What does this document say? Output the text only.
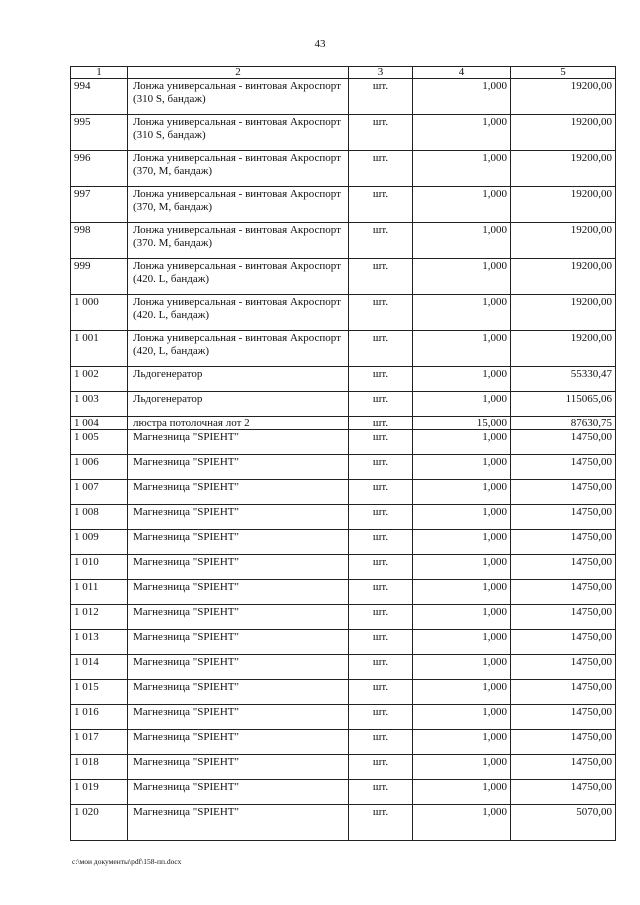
43
1	2	3	4	5
994	Лонжа универсальная - винтовая Акроспорт (310 S, бандаж)	шт.	1,000	19200,00
995	Лонжа универсальная - винтовая Акроспорт (310 S, бандаж)	шт.	1,000	19200,00
996	Лонжа универсальная - винтовая Акроспорт (370, M, бандаж)	шт.	1,000	19200,00
997	Лонжа универсальная - винтовая Акроспорт (370, M, бандаж)	шт.	1,000	19200,00
998	Лонжа универсальная - винтовая Акроспорт (370. M, бандаж)	шт.	1,000	19200,00
999	Лонжа универсальная - винтовая Акроспорт (420. L, бандаж)	шт.	1,000	19200,00
1 000	Лонжа универсальная - винтовая Акроспорт (420. L, бандаж)	шт.	1,000	19200,00
1 001	Лонжа универсальная - винтовая Акроспорт (420, L, бандаж)	шт.	1,000	19200,00
1 002	Льдогенератор	шт.	1,000	55330,47
1 003	Льдогенератор	шт.	1,000	115065,06
1 004	люстра потолочная лот 2	шт.	15,000	87630,75
1 005	Магнезница "SPIEHT"	шт.	1,000	14750,00
1 006	Магнезница "SPIEHT"	шт.	1,000	14750,00
1 007	Магнезница "SPIEHT"	шт.	1,000	14750,00
1 008	Магнезница "SPIEHT"	шт.	1,000	14750,00
1 009	Магнезница "SPIEHT"	шт.	1,000	14750,00
1 010	Магнезница "SPIEHT"	шт.	1,000	14750,00
1 011	Магнезница "SPIEHT"	шт.	1,000	14750,00
1 012	Магнезница "SPIEHT"	шт.	1,000	14750,00
1 013	Магнезница "SPIEHT"	шт.	1,000	14750,00
1 014	Магнезница "SPIEHT"	шт.	1,000	14750,00
1 015	Магнезница "SPIEHT"	шт.	1,000	14750,00
1 016	Магнезница "SPIEHT"	шт.	1,000	14750,00
1 017	Магнезница "SPIEHT"	шт.	1,000	14750,00
1 018	Магнезница "SPIEHT"	шт.	1,000	14750,00
1 019	Магнезница "SPIEHT"	шт.	1,000	14750,00
1 020	Магнезница "SPIEHT"	шт.	1,000	5070,00
c:\мои документы\pdf\158-пп.docx
